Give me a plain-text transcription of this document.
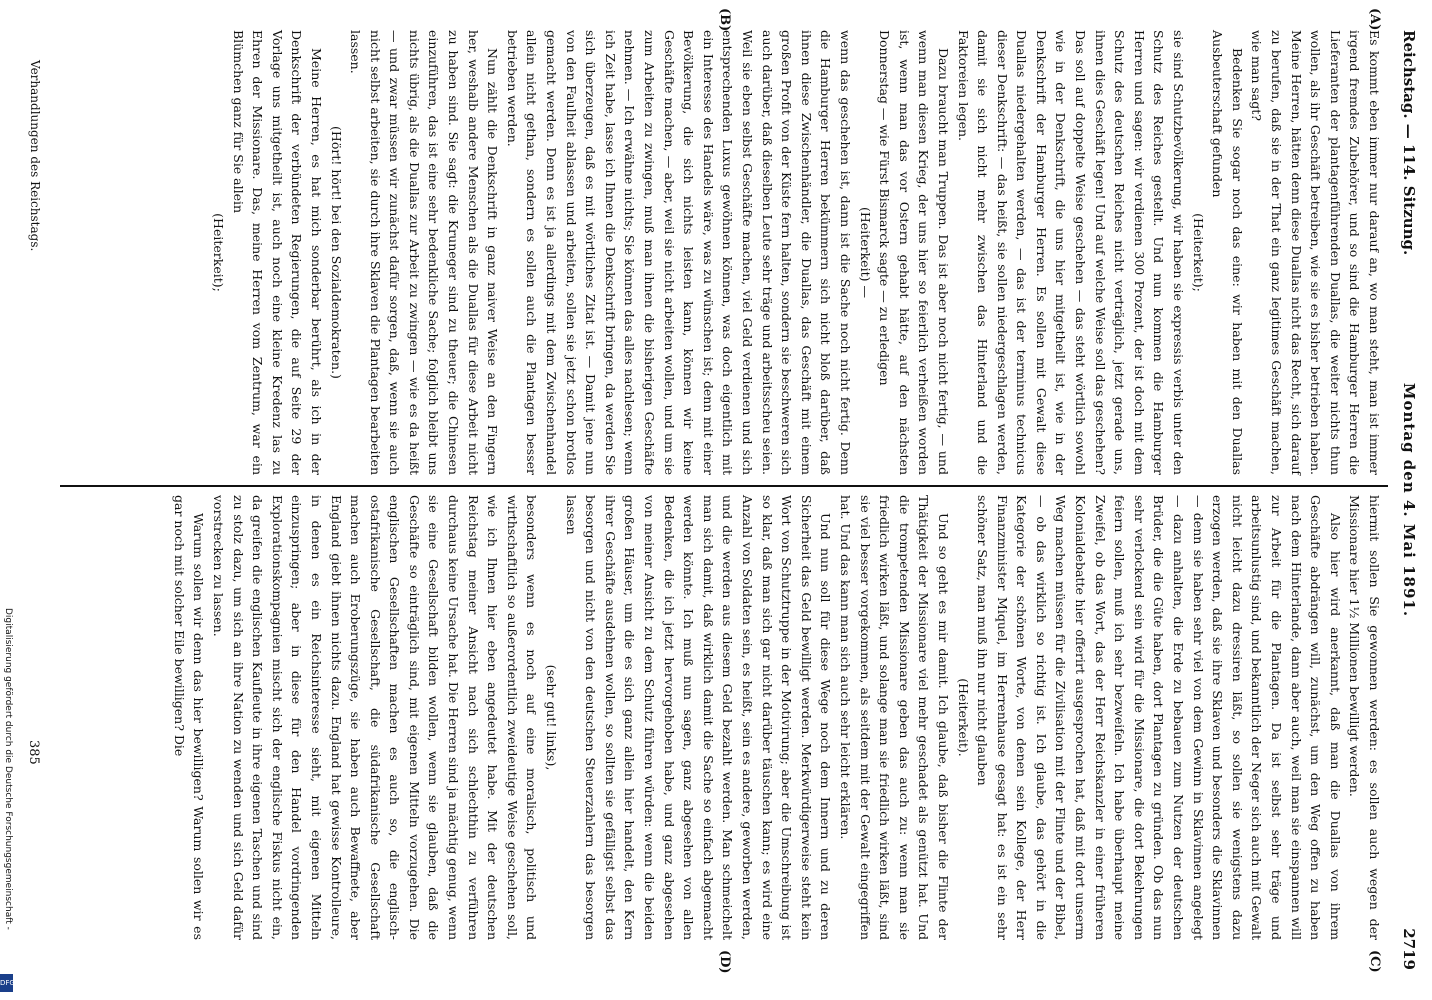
Reichstag. — 114. Sitzung.
Montag den 4. Mai 1891.
2719
(A)
(B)
(C)
(D)

Es kommt eben immer nur darauf an, wo man steht, man ist immer irgend fremdes Zubehörer, und so sind die Hamburger Herren die Lieferanten der plantagenführenden Duallas, die weiter nichts thun wollen, als ihr Geschäft betreiben, wie sie es bisher betrieben haben. Meine Herren, hätten denn diese Duallas nicht das Recht, sich darauf zu berufen, daß sie in der That ein ganz legitimes Geschäft machen, wie man sagt?

Bedenken Sie sogar noch das eine: wir haben mit den Duallas Ausbeuterschaft gefunden

(Heiterkeit);

sie sind Schutzbevölkerung, wir haben sie expressis verbis unter den Schutz des Reiches gestellt. Und nun kommen die Hamburger Herren und sagen: wir verdienen 300 Prozent, der ist doch mit dem Schutz des deutschen Reiches nicht verträglich, jetzt gerade uns, ihnen dies Geschäft legen! Und auf welche Weise soll das geschehen? Das soll auf doppelte Weise geschehen — das steht wörtlich sowohl wie in der Denkschrift, die uns hier mitgetheilt ist, wie in der Denkschrift der Hamburger Herren. Es sollen mit Gewalt diese Duallas niedergehalten werden, — das ist der terminus technicus dieser Denkschrift: — das heißt, sie sollen niedergeschlagen werden, damit sie sich nicht mehr zwischen das Hinterland und die Faktoreien legen.

Dazu braucht man Truppen. Das ist aber noch nicht fertig, — und wenn man diesen Krieg, der uns hier so feierlich verheißen worden ist, wenn man das vor Ostern gehabt hätte, auf den nächsten Donnerstag — wie Fürst Bismarck sagte — zu erledigen

(Heiterkeit) —

wenn das geschehen ist, dann ist die Sache noch nicht fertig. Denn die Hamburger Herren bekümmern sich nicht bloß darüber, daß ihnen diese Zwischenhändler, die Duallas, das Geschäft mit einem großen Profit von der Küste fern halten, sondern sie beschweren sich auch darüber, daß dieselben Leute sehr träge und arbeitsscheu seien. Weil sie eben selbst Geschäfte machen, viel Geld verdienen und sich entsprechenden Luxus gewöhnen können, was doch eigentlich mit ein Interesse des Handels wäre, was zu wünschen ist; denn mit einer Bevölkerung, die sich nichts leisten kann, können wir keine Geschäfte machen, — aber, weil sie nicht arbeiten wollen, und um sie zum Arbeiten zu zwingen, muß man ihnen die bisherigen Geschäfte nehmen. — Ich erwähne nichts; Sie können das alles nachlesen; wenn ich Zeit habe, lasse ich Ihnen die Denkschrift bringen, da werden Sie sich überzeugen, daß es mit wörtliches Zitat ist. — Damit jene nun von den Faulheit ablassen und arbeiten, sollen sie jetzt schon brotlos gemacht werden. Denn es ist ja allerdings mit dem Zwischenhandel allein nicht gethan, sondern es sollen auch die Plantagen besser betrieben werden.

Nun zählt die Denkschrift in ganz naiver Weise an den Fingern her, weshalb andere Menschen als die Duallas für diese Arbeit nicht zu haben sind. Sie sagt: die Kruneger sind zu theuer; die Chinesen einzuführen, das ist eine sehr bedenkliche Sache; folglich bleibt uns nichts übrig, als die Duallas zur Arbeit zu zwingen — wie es da heißt — und zwar müssen wir zunächst dafür sorgen, daß, wenn sie auch nicht selbst arbeiten, sie durch ihre Sklaven die Plantagen bearbeiten lassen.

(Hört! hört! bei den Sozialdemokraten.)

Meine Herren, es hat mich sonderbar berührt, als ich in der Denkschrift der verbündeten Regierungen, die auf Seite 29 der Vorlage uns mitgetheilt ist, auch noch eine kleine Kredenz las zu Ehren der Missionare. Das, meine Herren vom Zentrum, war ein Blümchen ganz für Sie allein

(Heiterkeit);

hiermit sollen Sie gewonnen werden: es sollen auch wegen der Missionare hier 1½ Millionen bewilligt werden.

Also hier wird anerkannt, daß man die Duallas von ihrem Geschäfte abdrängen will, zunächst, um den Weg offen zu haben nach dem Hinterlande, dann aber auch, weil man sie einspannen will zur Arbeit für die Plantagen. Da ist selbst sehr träge und arbeitsunlustig sind, und bekanntlich der Neger sich auch mit Gewalt nicht leicht dazu dressiren läßt, so sollen sie wenigstens dazu erzogen werden, daß sie ihre Sklaven und besonders die Sklavinnen — denn sie haben sehr viel von dem Gewinn in Sklavinnen angelegt — dazu anhalten, die Erde zu bebauen zum Nutzen der deutschen Brüder, die die Güte haben, dort Plantagen zu gründen. Ob das nun sehr verlockend sein wird für die Missionare, die dort Bekehrungen feiern sollen, muß ich sehr bezweifeln. Ich habe überhaupt meine Zweifel, ob das Wort, das der Herr Reichskanzler in einer früheren Kolonialdebatte hier offerirt ausgesprochen hat, daß mit dort unserm Weg machen müssen für die Zivilisation mit der Flinte und der Bibel, — ob das wirklich so richtig ist. Ich glaube, das gehört in die Kategorie der schönen Worte, von denen sein Kollege, der Herr Finanzminister Miquel, im Herrenhause gesagt hat: es ist ein sehr schöner Satz, man muß ihn nur nicht glauben

(Heiterkeit).

Und so geht es mir damit. Ich glaube, daß bisher die Flinte der Thätigkeit der Missionare viel mehr geschadet als genützt hat. Und die trompetenden Missionare geben das auch zu: wenn man sie friedlich wirken läßt, und solange man sie friedlich wirken läßt, sind sie viel besser vorgekommen, als seitdem mit der Gewalt eingegriffen hat. Und das kann man sich auch sehr leicht erklären.

Und nun soll für diese Wege noch dem Innern und zu deren Sicherheit das Geld bewilligt werden. Merkwürdigerweise steht kein Wort von Schutztruppe in der Motivirung; aber die Umschreibung ist so klar, daß man sich gar nicht darüber täuschen kann; es wird eine Anzahl von Soldaten sein, es heißt, sein es andere, geworben werden, und die werden aus diesem Geld bezahlt werden. Man schmeichelt man sich damit, daß wirklich damit die Sache so einfach abgemacht werden könnte. Ich muß nun sagen, ganz abgesehen von allen Bedenken, die ich jetzt hervorgehoben habe, und ganz abgesehen von meiner Ansicht zu dem Schutz führen würden: wenn die beiden großen Häuser, um die es sich ganz allein hier handelt, den Kern ihrer Geschäfte ausdehnen wollen, so sollten sie gefälligst selbst das besorgen und nicht von den deutschen Steuerzahlern das besorgen lassen

(sehr gut! links),

besonders wenn es noch auf eine moralisch, politisch und wirthschaftlich so außerordentlich zweideutige Weise geschehen soll, wie ich Ihnen hier eben angedeutet habe. Mit der deutschen Reichstag meiner Ansicht nach sich schlechthin zu verführen durchaus keine Ursache hat. Die Herren sind ja mächtig genug, wenn sie eine Gesellschaft bilden wollen, wenn sie glauben, daß die Geschäfte so einträglich sind, mit eigenen Mitteln vorzugehen. Die englischen Gesellschaften machen es auch so, die englisch-ostafrikanische Gesellschaft, die südafrikanische Gesellschaft machen auch Eroberungszüge, sie haben auch Bewaffnete, aber England giebt ihnen nichts dazu. England hat gewisse Kontrolleure, in denen es ein Reichsinteresse sieht, mit eigenen Mitteln einzuspringen; aber in diese für den Handel vordringenden Explorationskompagnien mischt sich der englische Fiskus nicht ein, da greifen die englischen Kaufleute in ihre eigenen Taschen und sind zu stolz dazu, um sich an ihre Nation zu wenden und sich Geld dafür vorstrecken zu lassen.

Warum sollen wir denn das hier bewilligen? Warum sollen wir es gar noch mit solcher Eile bewilligen? Die

Verhandlungen des Reichstags.
385
Digitalisierung gefördert durch die Deutsche Forschungsgemeinschaft -
DFG
